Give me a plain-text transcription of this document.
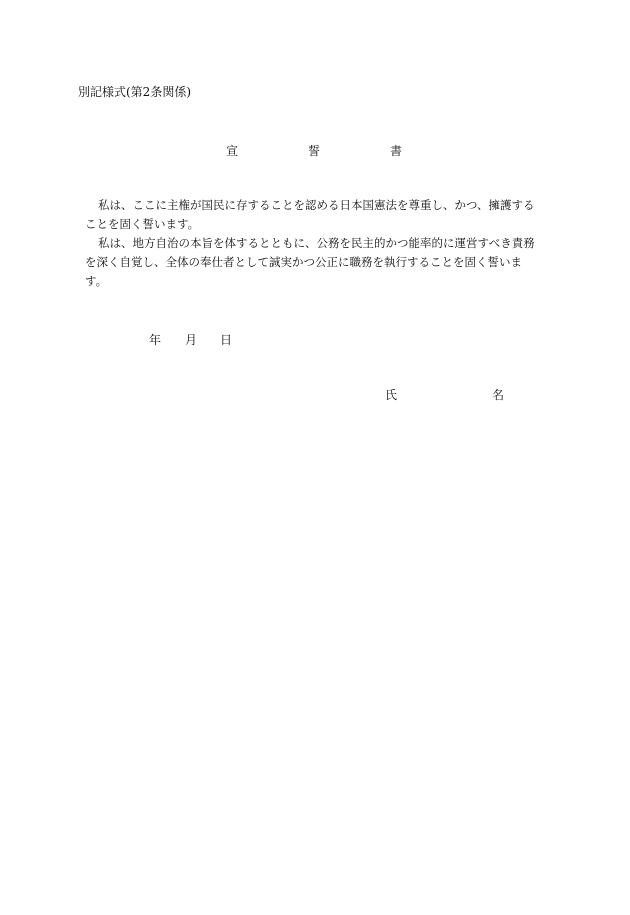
別記様式(第2条関係)
宣	誓	書

私は、ここに主権が国民に存することを認める日本国憲法を尊重し、かつ、擁護する
ことを固く誓います。

私は、地方自治の本旨を体するとともに、公務を民主的かつ能率的に運営すべき責務
を深く自覚し、全体の奉仕者として誠実かつ公正に職務を執行することを固く誓いま
す。

年 月 日
氏	名
